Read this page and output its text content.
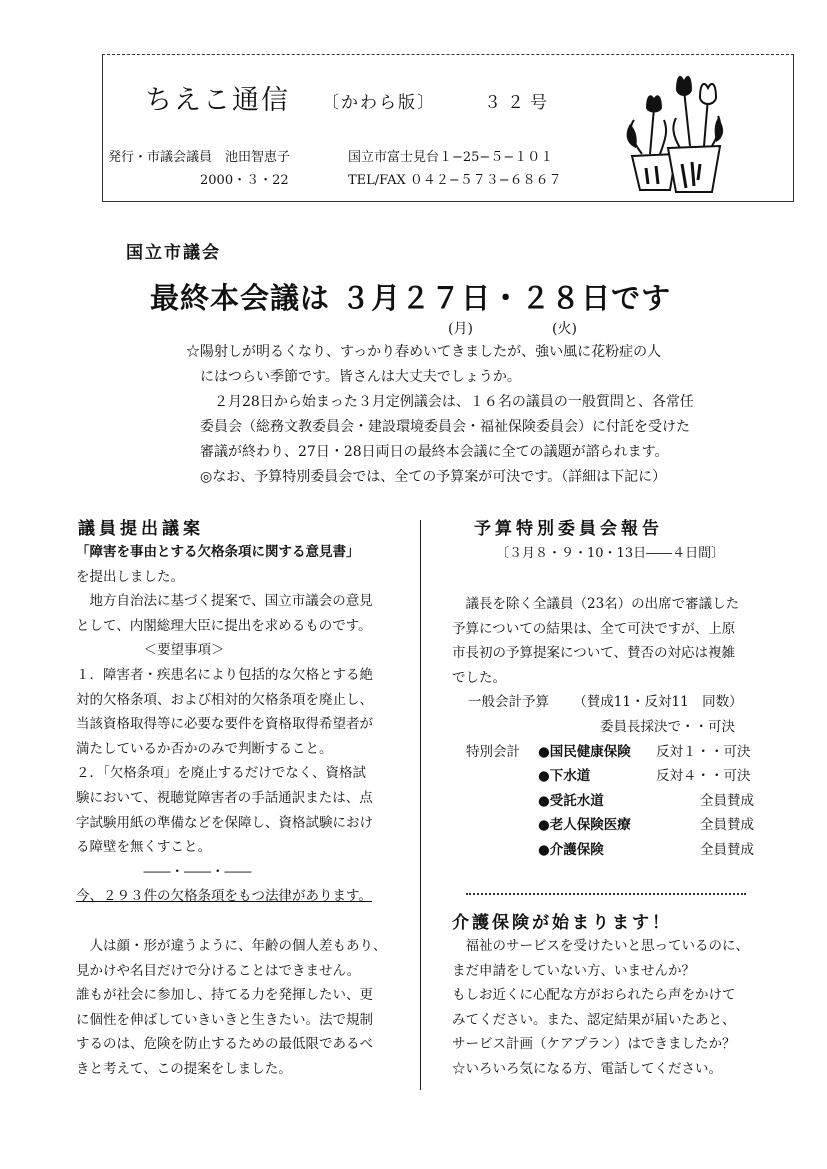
ちえこ通信 〔かわら版〕	３２号
発行・市議会議員　池田智恵子	国立市富士見台１−25−５−１０１
2000・３・22	TEL/FAX ０４２−５７３−６８６７
国立市議会
最終本会議は ３月２７日・２８日です
(月)	(火)

☆陽射しが明るくなり、すっかり春めいてきましたが、強い風に花粉症の人

にはつらい季節です。皆さんは大丈夫でしょうか。

　２月28日から始まった３月定例議会は、１６名の議員の一般質問と、各常任

委員会（総務文教委員会・建設環境委員会・福祉保険委員会）に付託を受けた

審議が終わり、27日・28日両日の最終本会議に全ての議題が諮られます。

◎なお、予算特別委員会では、全ての予算案が可決です。（詳細は下記に）

議員提出議案

「障害を事由とする欠格条項に関する意見書」

を提出しました。

　地方自治法に基づく提案で、国立市議会の意見

として、内閣総理大臣に提出を求めるものです。

　　　　　＜要望事項＞

１．障害者・疾患名により包括的な欠格とする絶

対的欠格条項、および相対的欠格条項を廃止し、

当該資格取得等に必要な要件を資格取得希望者が

満たしているか否かのみで判断すること。

２．「欠格条項」を廃止するだけでなく、資格試

験において、視聴覚障害者の手話通訳または、点

字試験用紙の準備などを保障し、資格試験におけ

る障壁を無くすこと。

　　　　　――・――・――

今、２９３件の欠格条項をもつ法律があります。

　人は顔・形が違うように、年齢の個人差もあり、

見かけや名目だけで分けることはできません。

誰もが社会に参加し、持てる力を発揮したい、更

に個性を伸ばしていきいきと生きたい。法で規制

するのは、危険を防止するための最低限であるべ

きと考えて、この提案をしました。

予算特別委員会報告
〔３月８・９・10・13日――４日間〕

　議長を除く全議員（23名）の出席で審議した

予算についての結果は、全て可決ですが、上原

市長初の予算提案について、賛否の対応は複雑

でした。

一般会計予算 （賛成11・反対11　同数）
委員長採決で・・可決
特別会計 ●国民健康保険 反対１・・可決
●下水道	反対４・・可決
●受託水道	全員賛成
●老人保険医療	全員賛成
●介護保険	全員賛成
介護保険が始まります！

　福祉のサービスを受けたいと思っているのに、

まだ申請をしていない方、いませんか？

もしお近くに心配な方がおられたら声をかけて

みてください。また、認定結果が届いたあと、

サービス計画（ケアプラン）はできましたか？

☆いろいろ気になる方、電話してください。
